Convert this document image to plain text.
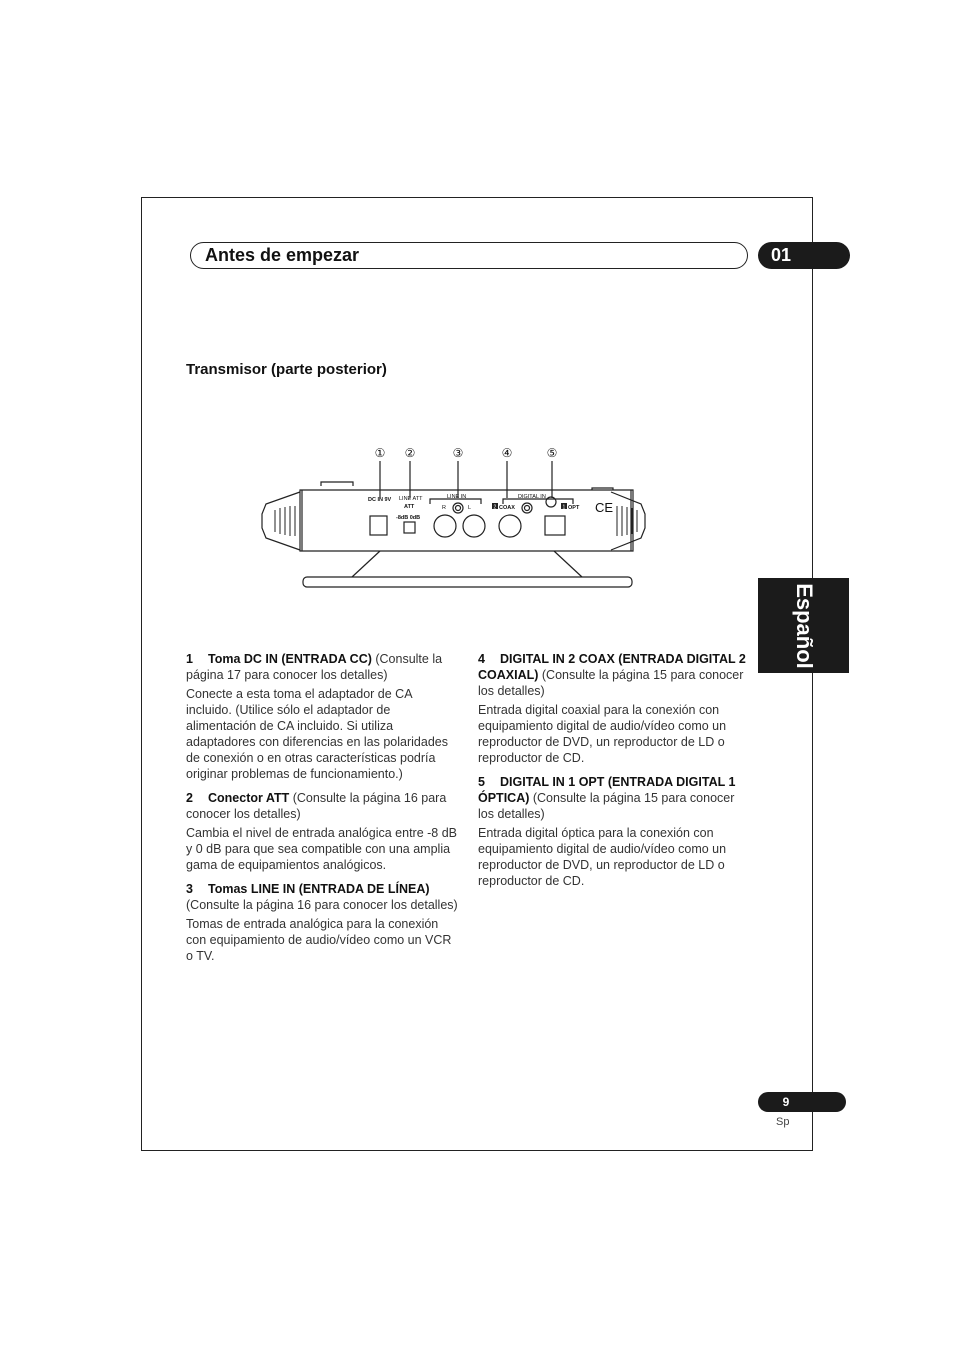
Antes de empezar	01
Transmisor (parte posterior)
Español
① ②	③	④	⑤
DC IN 9V LINE ATT
ATT
-8dB 0dB
LINE IN
R	L
DIGITAL IN
2 COAX	1 OPT CE
1 Toma DC IN (ENTRADA CC) (Consulte la página 17 para conocer los detalles)
Conecte a esta toma el adaptador de CA incluido. (Utilice sólo el adaptador de alimentación de CA incluido. Si utiliza adaptadores con diferencias en las polaridades de conexión o en otras características podría originar problemas de funcionamiento.)
2 Conector ATT (Consulte la página 16 para conocer los detalles)
Cambia el nivel de entrada analógica entre -8 dB y 0 dB para que sea compatible con una amplia gama de equipamientos analógicos.
3 Tomas LINE IN (ENTRADA DE LÍNEA) (Consulte la página 16 para conocer los detalles)
Tomas de entrada analógica para la conexión con equipamiento de audio/vídeo como un VCR o TV.
4 DIGITAL IN 2 COAX (ENTRADA DIGITAL 2 COAXIAL) (Consulte la página 15 para conocer los detalles)
Entrada digital coaxial para la conexión con equipamiento digital de audio/vídeo como un reproductor de DVD, un reproductor de LD o reproductor de CD.
5 DIGITAL IN 1 OPT (ENTRADA DIGITAL 1 ÓPTICA) (Consulte la página 15 para conocer los detalles)
Entrada digital óptica para la conexión con equipamiento digital de audio/vídeo como un reproductor de DVD, un reproductor de LD o reproductor de CD.
9
Sp
